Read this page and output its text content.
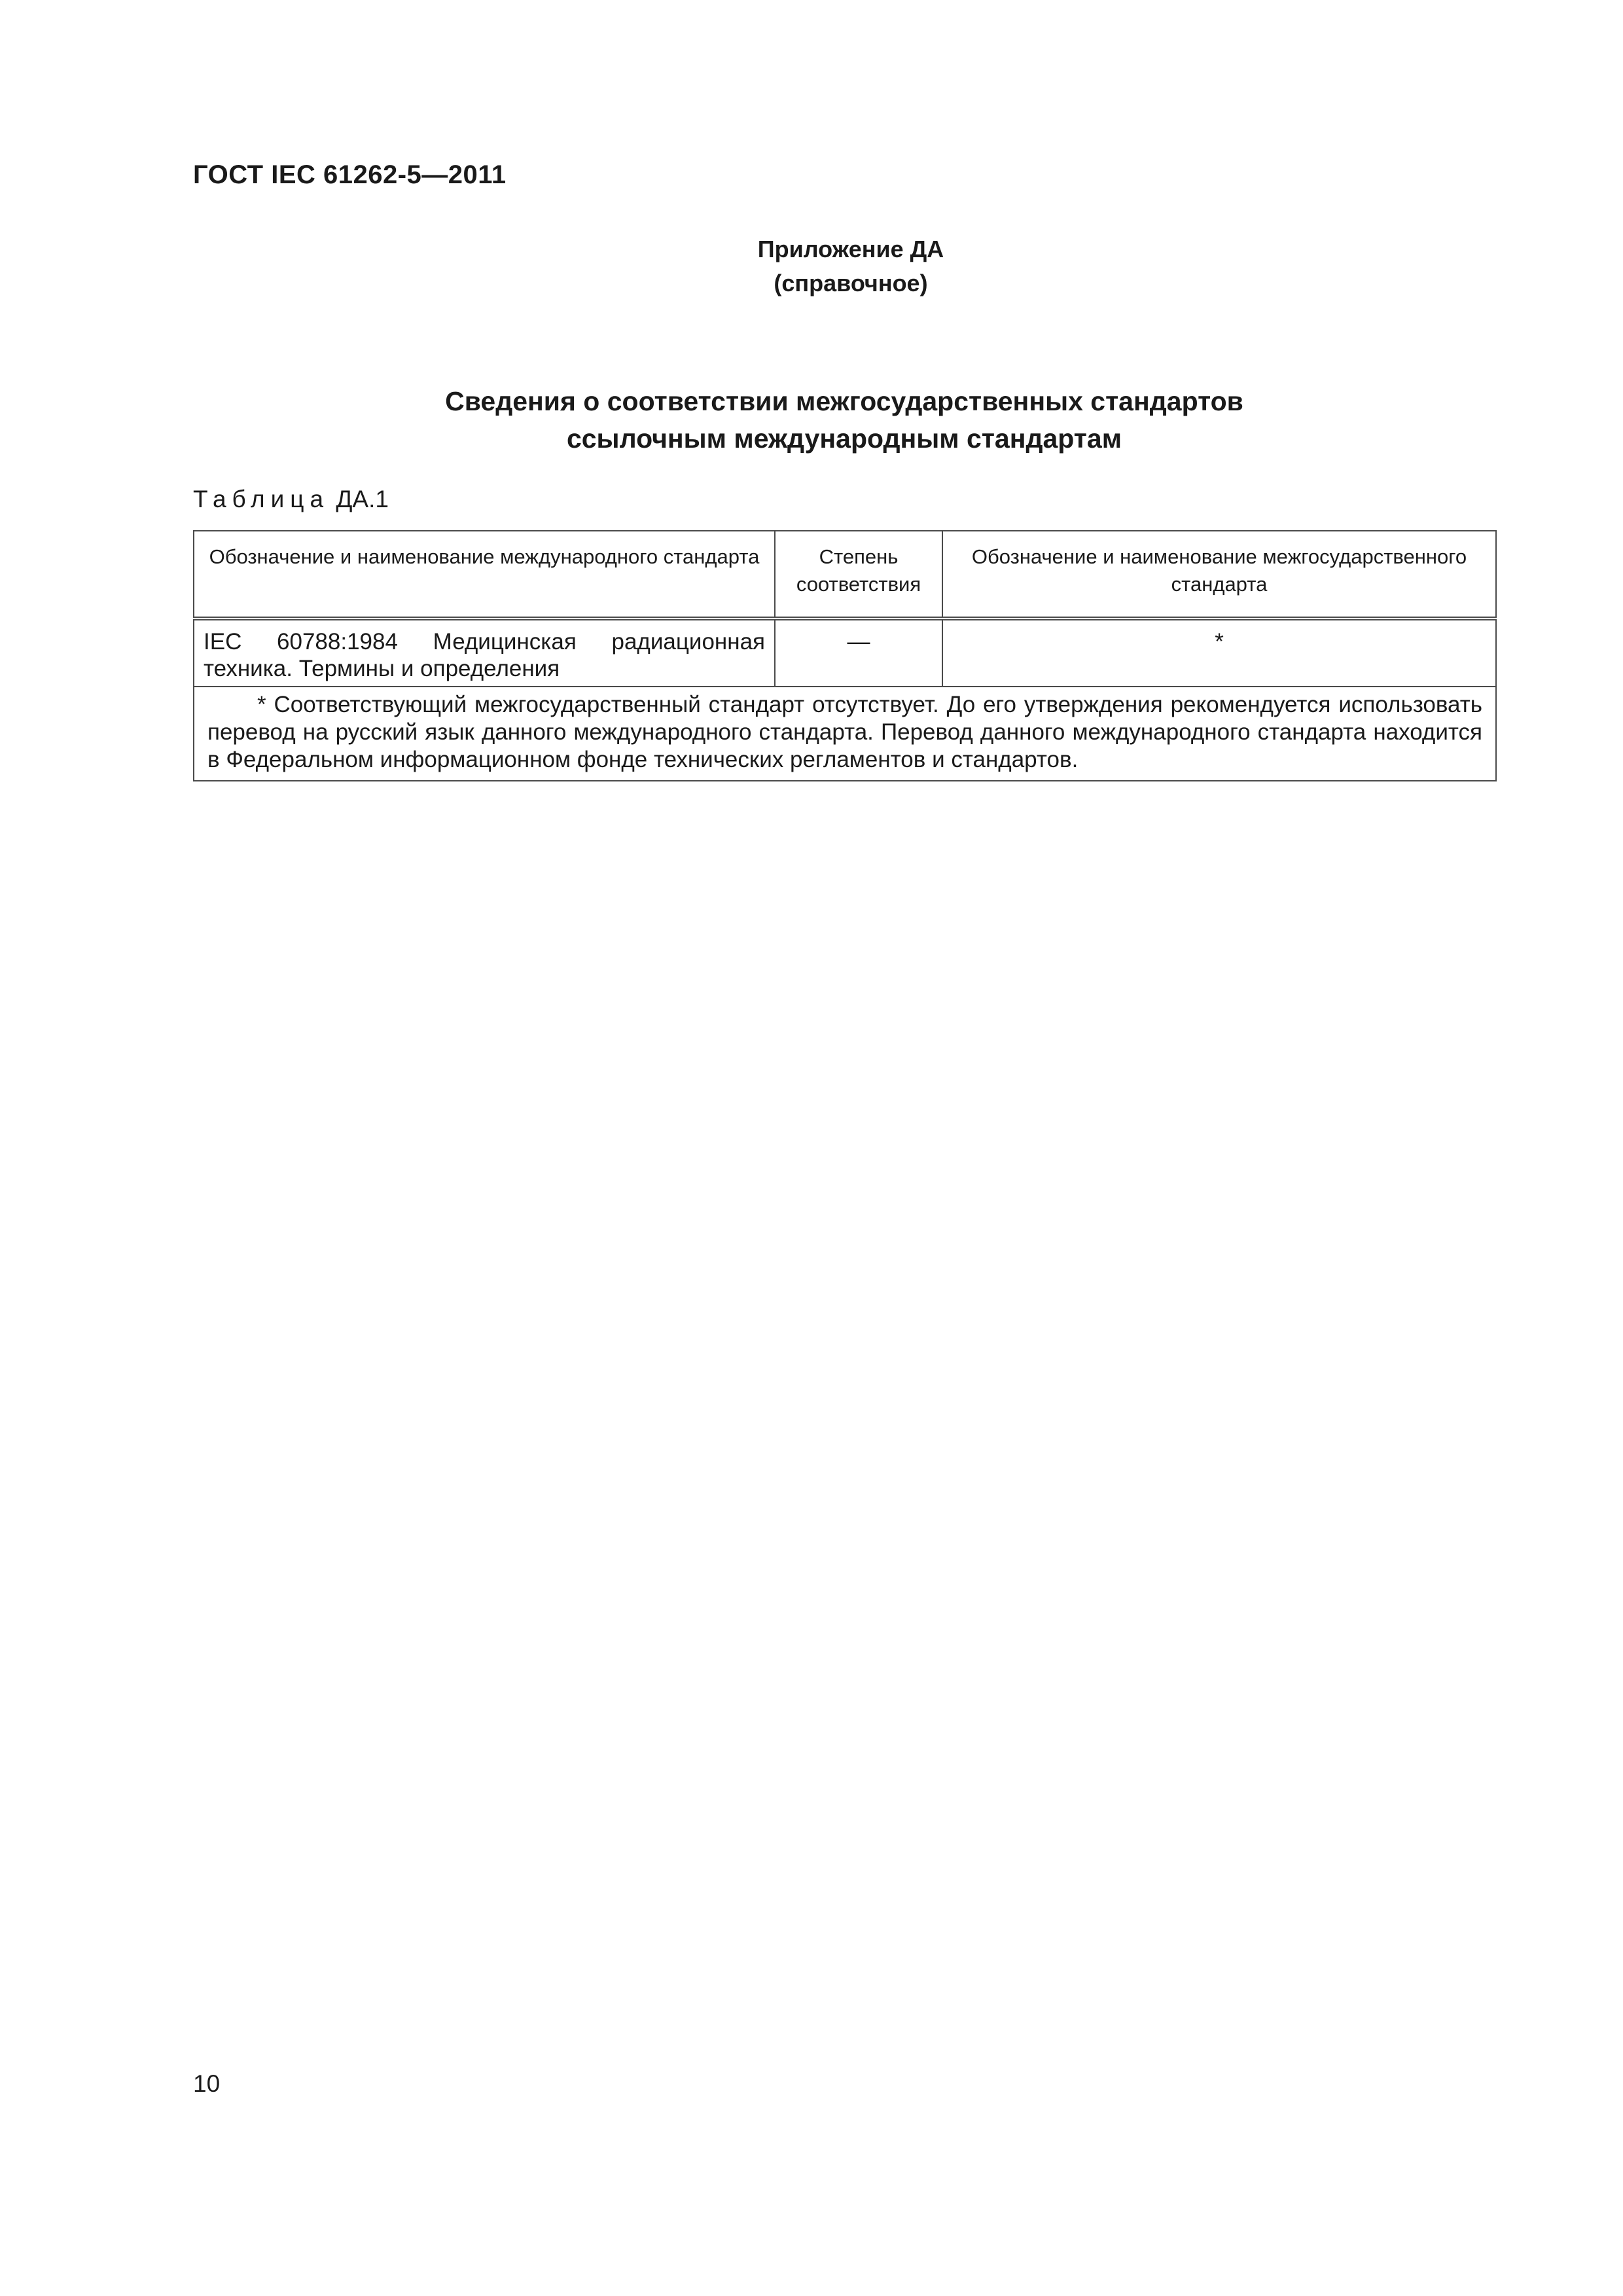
ГОСТ IEC 61262-5—2011
Приложение ДА
(справочное)
Сведения о соответствии межгосударственных стандартов
ссылочным международным стандартам
Таблица ДА.1
Обозначение и наименование международного стандарта	Степень соответствия	Обозначение и наименование межгосударственного стандарта
IEC 60788:1984 Медицинская радиационная техника. Термины и определения	—	*

* Соответствующий межгосударственный стандарт отсутствует. До его утверждения рекомендуется использовать перевод на русский язык данного международного стандарта. Перевод данного международного стандарта находится в Федеральном информационном фонде технических регламентов и стандартов.		
10
